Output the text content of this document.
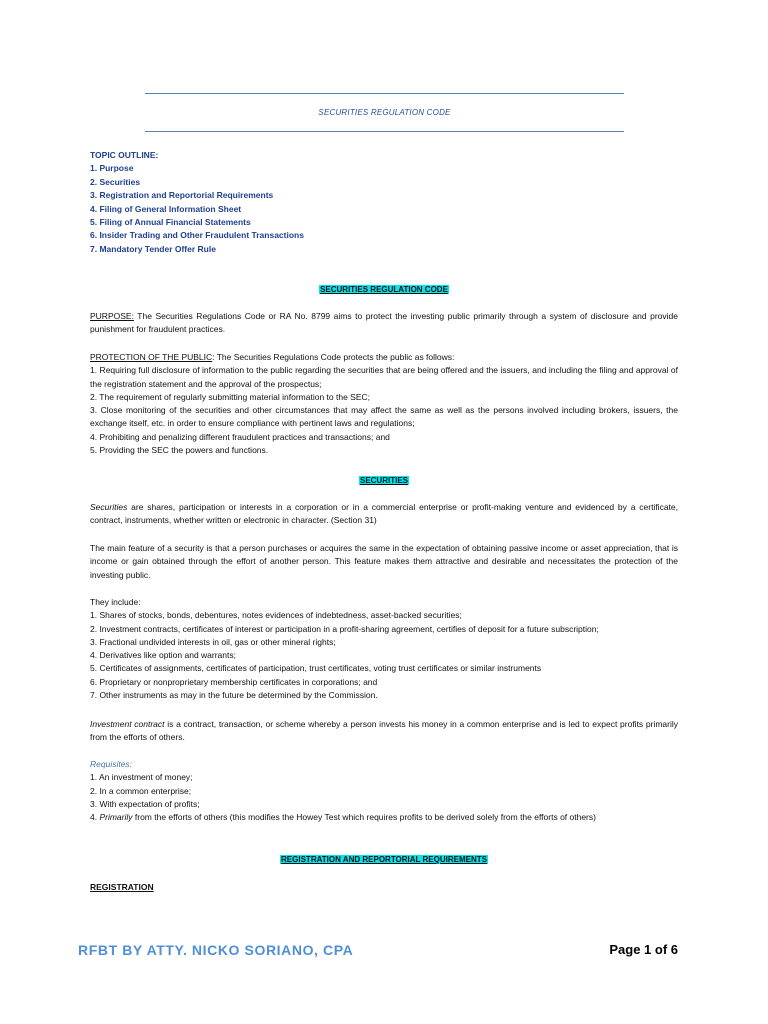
SECURITIES REGULATION CODE
TOPIC OUTLINE:
1. Purpose
2. Securities
3. Registration and Reportorial Requirements
4. Filing of General Information Sheet
5. Filing of Annual Financial Statements
6. Insider Trading and Other Fraudulent Transactions
7. Mandatory Tender Offer Rule
SECURITIES REGULATION CODE
PURPOSE: The Securities Regulations Code or RA No. 8799 aims to protect the investing public primarily through a system of disclosure and provide punishment for fraudulent practices.

PROTECTION OF THE PUBLIC: The Securities Regulations Code protects the public as follows:

1. Requiring full disclosure of information to the public regarding the securities that are being offered and the issuers, and including the filing and approval of the registration statement and the approval of the prospectus;

2. The requirement of regularly submitting material information to the SEC;

3. Close monitoring of the securities and other circumstances that may affect the same as well as the persons involved including brokers, issuers, the exchange itself, etc. in order to ensure compliance with pertinent laws and regulations;

4. Prohibiting and penalizing different fraudulent practices and transactions; and

5. Providing the SEC the powers and functions.

SECURITIES
Securities are shares, participation or interests in a corporation or in a commercial enterprise or profit-making venture and evidenced by a certificate, contract, instruments, whether written or electronic in character. (Section 31)
The main feature of a security is that a person purchases or acquires the same in the expectation of obtaining passive income or asset appreciation, that is income or gain obtained through the effort of another person. This feature makes them attractive and desirable and necessitates the protection of the investing public.

They include:

1. Shares of stocks, bonds, debentures, notes evidences of indebtedness, asset-backed securities;

2. Investment contracts, certificates of interest or participation in a profit-sharing agreement, certifies of deposit for a future subscription;

3. Fractional undivided interests in oil, gas or other mineral rights;

4. Derivatives like option and warrants;

5. Certificates of assignments, certificates of participation, trust certificates, voting trust certificates or similar instruments

6. Proprietary or nonproprietary membership certificates in corporations; and

7. Other instruments as may in the future be determined by the Commission.

Investment contract is a contract, transaction, or scheme whereby a person invests his money in a common enterprise and is led to expect profits primarily from the efforts of others.

Requisites:

1. An investment of money;

2. In a common enterprise;

3. With expectation of profits;

4. Primarily from the efforts of others (this modifies the Howey Test which requires profits to be derived solely from the efforts of others)

REGISTRATION AND REPORTORIAL REQUIREMENTS
REGISTRATION
RFBT BY ATTY. NICKO SORIANO, CPA	Page 1 of 6
